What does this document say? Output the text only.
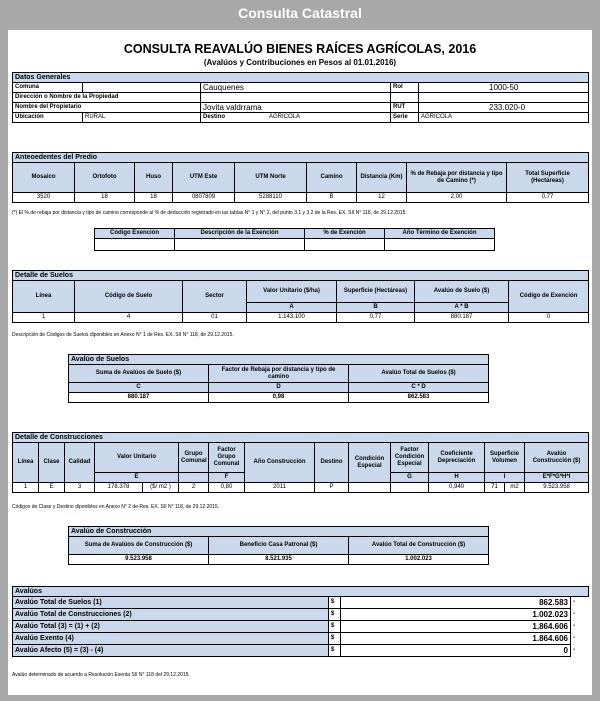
Consulta Catastral
CONSULTA REAVALÚO BIENES RAÍCES AGRÍCOLAS, 2016
(Avalúos y Contribuciones en Pesos al 01.01.2016)
Datos Generales				
Comuna		Cauquenes	Rol	1000-50
Dirección o Nombre de la Propiedad				
Nombre del Propietario		Jovita valdrrama	RUT	233.020-0
Ubicación	RURAL	Destino AGRICOLA	Serie	AGRICOLA
Anteoedentes del Predio								
Mosaico	Ortofoto	Huso	UTM Este	UTM Norte	Camino	Distancia (Km)	% de Rebaja por distancia y tipo de Camino (*)	Total Superficie (Hectáreas)
3520	18	18	0807809	5288110	B	12	2,00	0,77
(*) El % de rebaja por distancia y tipo de camino corresponde al % de deducción registrado en las tablas N° 1 y N° 2, del punto 3.1 y 3.2 de la Res. EX. SII N° 118, de 29.12.2015.
Código Exención	Descripción de la Exención	% de Exención	Año Término de Exención

Detalle de Suelos						
Línea	Código de Suelo	Sector	Valor Unitario ($/ha)	Superficie (Hectáreas)	Avalúo de Suelo ($)	Código de Exención
			A	B	A * B	
1	4	01	1.143.100	0,77	880.187	0
Descripción de Códigos de Suelos diponibles en Anexo N° 1 de Res. EX. SII N° 118, de 29.12.2015.
Avalúo de Suelos		
Suma de Avalúos de Suelo ($)	Factor de Rebaja por distancia y tipo de camino	Avalúo Total de Suelos ($)
C	D	C * D
880.187	0,98	862.583
Detalle de Construcciones														
Línea	Clase	Calidad	Valor Unitario		Grupo Comunal	Factor Grupo Comunal	Año Construcción	Destino	Condición Especial	Factor Condición Especial	Coeficiente Depreciación	Superficie Volumen		Avalúo Construcción ($)
			E			F				G	H	I		E*F*G*H*I
1	E	3	178.378	($/ m2 )	2	0,80	2011	P			0,940	71	m2	9.523.958
Códigos de Clase y Destino diponibles en Anexo N° 2 de Res. EX. SII N° 118, de 29.12.2015.
Avalúo de Construcción		
Suma de Avalúos de Construcción ($)	Beneficio Casa Patronal ($)	Avalúo Total de Construcción ($)
9.523.958	8.521.935	1.002.023
Avalúos			
Avalúo Total de Suelos (1)	$	862.583	-
Avalúo Total de Construcciones (2)	$	1.002.023	-
Avalúo Total (3) = (1) + (2)	$	1.864.606	-
Avalúo Exento (4)	$	1.864.606	-
Avalúo Afecto (5) = (3) - (4)	$	0	-
Avalúo determinado de acuerdo a Resolución Exenta SII N° 118 del 29.12.2015.
